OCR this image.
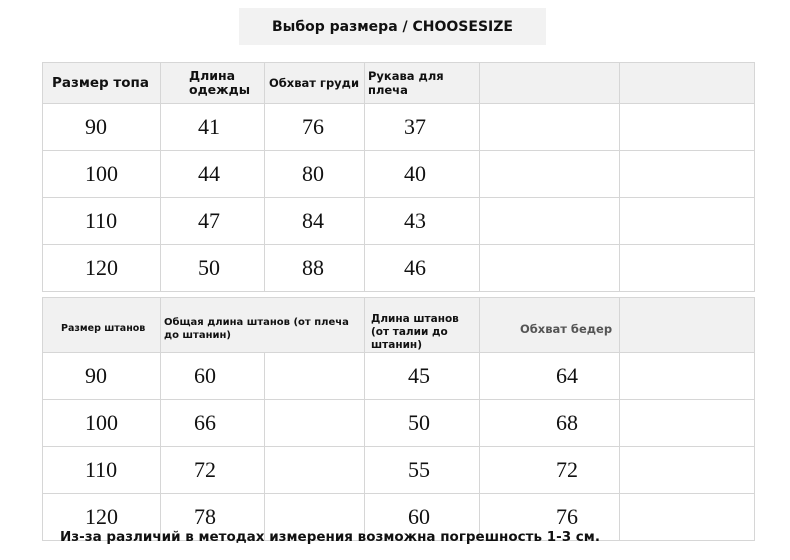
Выбор размера / CHOOSESIZE
Размер топа	Длина одежды	Обхват груди	Рукава для плеча		
90	41	76	37		
100	44	80	40		
110	47	84	43		
120	50	88	46		
Размер штанов	Общая длина штанов (от плеча до штанин)		Длина штанов (от талии до штанин)	Обхват бедер	
90	60		45	64	
100	66		50	68	
110	72		55	72	
120	78		60	76	
Из-за различий в методах измерения возможна погрешность 1-3 см.
